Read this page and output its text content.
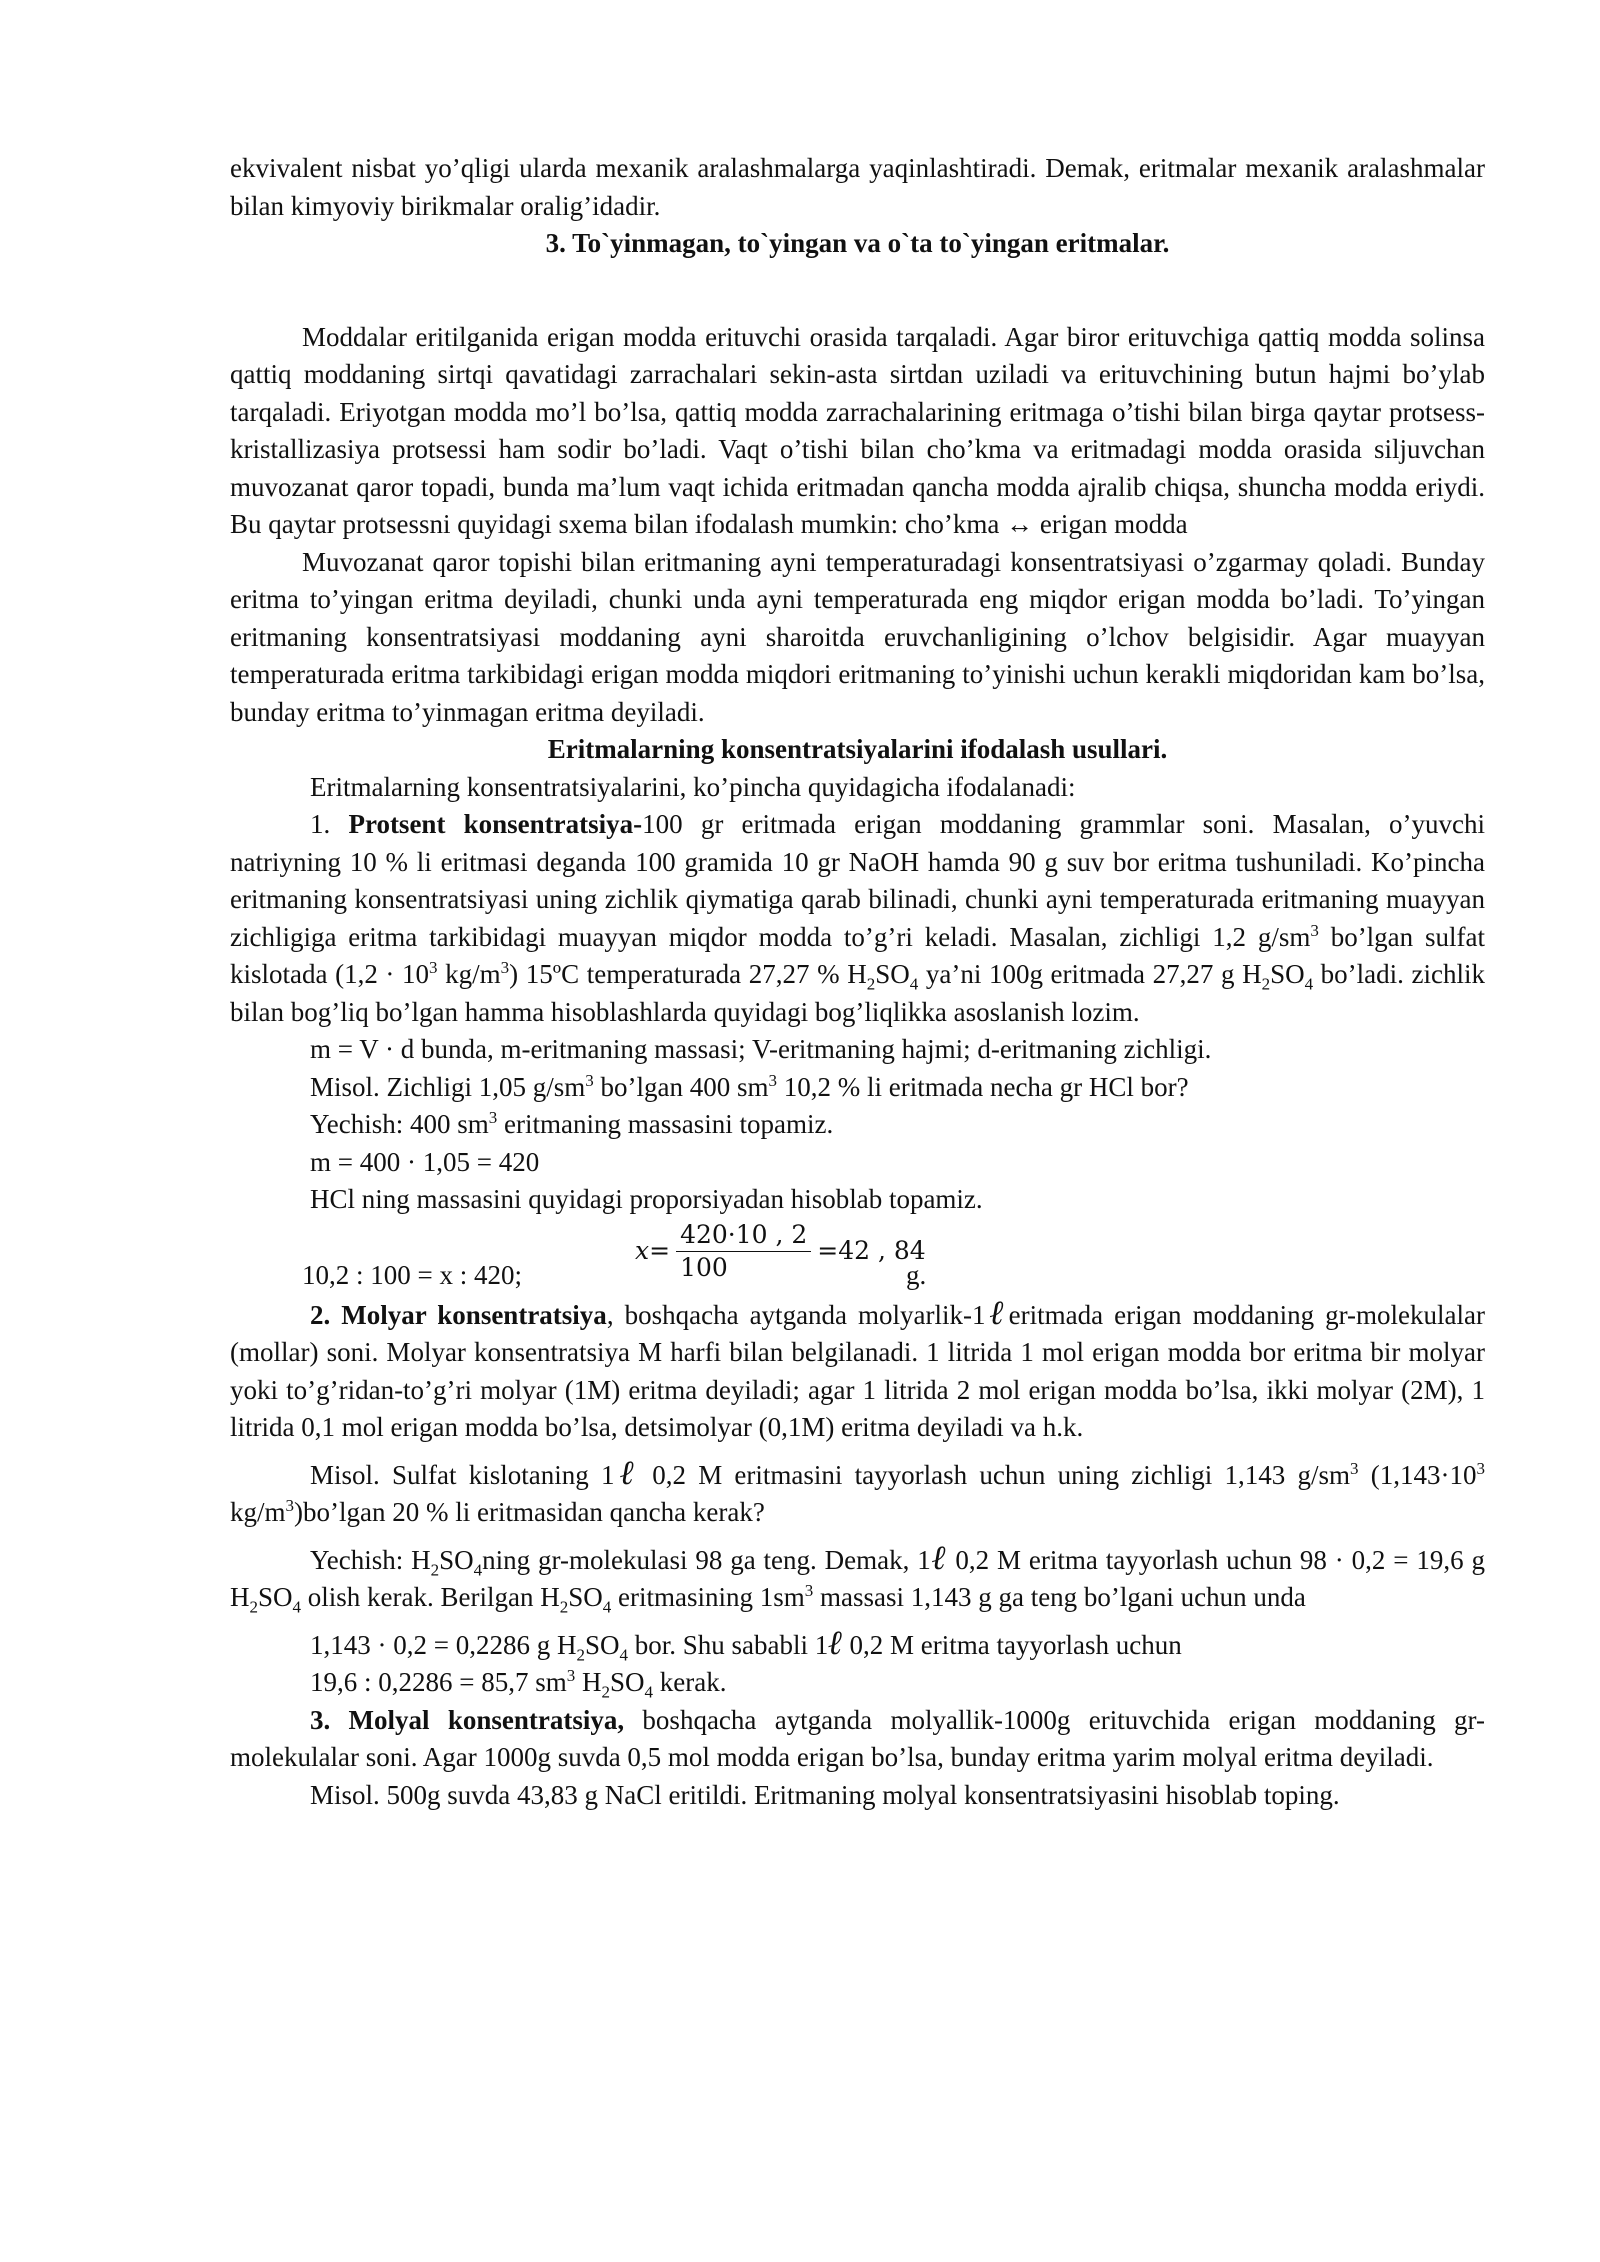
ekvivalent nisbat yo’qligi ularda mexanik aralashmalarga yaqinlashtiradi. Demak, eritmalar mexanik aralashmalar bilan kimyoviy birikmalar oralig’idadir.

3. To`yinmagan, to`yingan va o`ta to`yingan eritmalar.

Moddalar eritilganida erigan modda erituvchi orasida tarqaladi. Agar biror erituvchiga qattiq modda solinsa qattiq moddaning sirtqi qavatidagi zarrachalari sekin-asta sirtdan uziladi va erituvchining butun hajmi bo’ylab tarqaladi. Eriyotgan modda mo’l bo’lsa, qattiq modda zarrachalarining eritmaga o’tishi bilan birga qaytar protsess-kristallizasiya protsessi ham sodir bo’ladi. Vaqt o’tishi bilan cho’kma va eritmadagi modda orasida siljuvchan muvozanat qaror topadi, bunda ma’lum vaqt ichida eritmadan qancha modda ajralib chiqsa, shuncha modda eriydi. Bu qaytar protsessni quyidagi sxema bilan ifodalash mumkin: cho’kma ↔ erigan modda

Muvozanat qaror topishi bilan eritmaning ayni temperaturadagi konsentratsiyasi o’zgarmay qoladi. Bunday eritma to’yingan eritma deyiladi, chunki unda ayni temperaturada eng miqdor erigan modda bo’ladi. To’yingan eritmaning konsentratsiyasi moddaning ayni sharoitda eruvchanligining o’lchov belgisidir. Agar muayyan temperaturada eritma tarkibidagi erigan modda miqdori eritmaning to’yinishi uchun kerakli miqdoridan kam bo’lsa, bunday eritma to’yinmagan eritma deyiladi.

Eritmalarning konsentratsiyalarini ifodalash usullari.

Eritmalarning konsentratsiyalarini, ko’pincha quyidagicha ifodalanadi:

1. Protsent konsentratsiya-100 gr eritmada erigan moddaning grammlar soni. Masalan, o’yuvchi natriyning 10 % li eritmasi deganda 100 gramida 10 gr NaOH hamda 90 g suv bor eritma tushuniladi. Ko’pincha eritmaning konsentratsiyasi uning zichlik qiymatiga qarab bilinadi, chunki ayni temperaturada eritmaning muayyan zichligiga eritma tarkibidagi muayyan miqdor modda to’g’ri keladi. Masalan, zichligi 1,2 $g/sm^3$ bo’lgan sulfat kislotada ($1,2 \cdot 10^3$ $kg/m^3$) 15ºC temperaturada 27,27 % $H_2SO_4$ ya’ni 100g eritmada 27,27 g $H_2SO_4$ bo’ladi. zichlik bilan bog’liq bo’lgan hamma hisoblashlarda quyidagi bog’liqlikka asoslanish lozim.

m = V · d bunda, m-eritmaning massasi; V-eritmaning hajmi; d-eritmaning zichligi.

Misol. Zichligi 1,05 $g/sm^3$ bo’lgan 400 $sm^3$ 10,2 % li eritmada necha gr HCl bor?

Yechish: 400 $sm^3$ eritmaning massasini topamiz.

m = 400 · 1,05 = 420

HCl ning massasini quyidagi proporsiyadan hisoblab topamiz.

10,2 : 100 = x : 420;
$x = \frac{420\cdot 10 , 2}{100} =42$ , 84
g.

2. Molyar konsentratsiya, boshqacha aytganda molyarlik-1ℓeritmada erigan moddaning gr-molekulalar (mollar) soni. Molyar konsentratsiya M harfi bilan belgilanadi. 1 litrida 1 mol erigan modda bor eritma bir molyar yoki to’g’ridan-to’g’ri molyar (1M) eritma deyiladi; agar 1 litrida 2 mol erigan modda bo’lsa, ikki molyar (2M), 1 litrida 0,1 mol erigan modda bo’lsa, detsimolyar (0,1M) eritma deyiladi va h.k.

Misol. Sulfat kislotaning 1ℓ 0,2 M eritmasini tayyorlash uchun uning zichligi 1,143 $g/sm^3$ ($1,143\cdot 10^3$ $kg/m^3)bo’lgan$ 20 % li eritmasidan qancha kerak?

Yechish: $H_2SO_4ning$ gr-molekulasi 98 ga teng. Demak, 1ℓ 0,2 M eritma tayyorlash uchun 98 · 0,2 = 19,6 g $H_2SO_4$ olish kerak. Berilgan $H_2SO_4$ eritmasining $1sm^3$ massasi 1,143 g ga teng bo’lgani uchun unda

1,143 · 0,2 = 0,2286 g $H_2SO_4$ bor. Shu sababli 1ℓ 0,2 M eritma tayyorlash uchun

19,6 : 0,2286 = 85,7 $sm^3$ $H_2SO_4$ kerak.

3. Molyal konsentratsiya, boshqacha aytganda molyallik-1000g erituvchida erigan moddaning gr-molekulalar soni. Agar 1000g suvda 0,5 mol modda erigan bo’lsa, bunday eritma yarim molyal eritma deyiladi.

Misol. 500g suvda 43,83 g NaCl eritildi. Eritmaning molyal konsentratsiyasini hisoblab toping.
